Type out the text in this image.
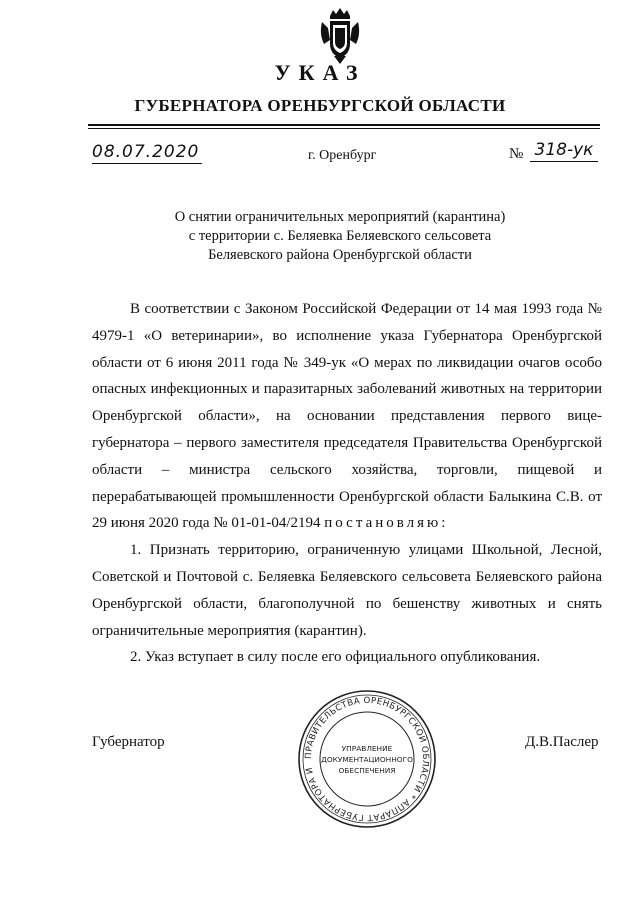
УКАЗ
ГУБЕРНАТОРА ОРЕНБУРГСКОЙ ОБЛАСТИ
08.07.2020	г. Оренбург	№ 318-ук
О снятии ограничительных мероприятий (карантина)
с территории с. Беляевка Беляевского сельсовета
Беляевского района Оренбургской области

В соответствии с Законом Российской Федерации от 14 мая 1993 года № 4979-1 «О ветеринарии», во исполнение указа Губернатора Оренбургской области от 6 июня 2011 года № 349-ук «О мерах по ликвидации очагов особо опасных инфекционных и паразитарных заболеваний животных на территории Оренбургской области», на основании представления первого вице-губернатора – первого заместителя председателя Правительства Оренбургской области – министра сельского хозяйства, торговли, пищевой и перерабатывающей промышленности Оренбургской области Балыкина С.В. от 29 июня 2020 года № 01-01-04/2194 постановляю:

1. Признать территорию, ограниченную улицами Школьной, Лесной, Советской и Почтовой с. Беляевка Беляевского сельсовета Беляевского района Оренбургской области, благополучной по бешенству животных и снять ограничительные мероприятия (карантин).

2. Указ вступает в силу после его официального опубликования.

ПРАВИТЕЛЬСТВА ОРЕНБУРГСКОЙ ОБЛАСТИ * АППАРАТ ГУБЕРНАТОРА И
УПРАВЛЕНИЕ
ДОКУМЕНТАЦИОННОГО
ОБЕСПЕЧЕНИЯ
Губернатор	Д.В.Паслер
